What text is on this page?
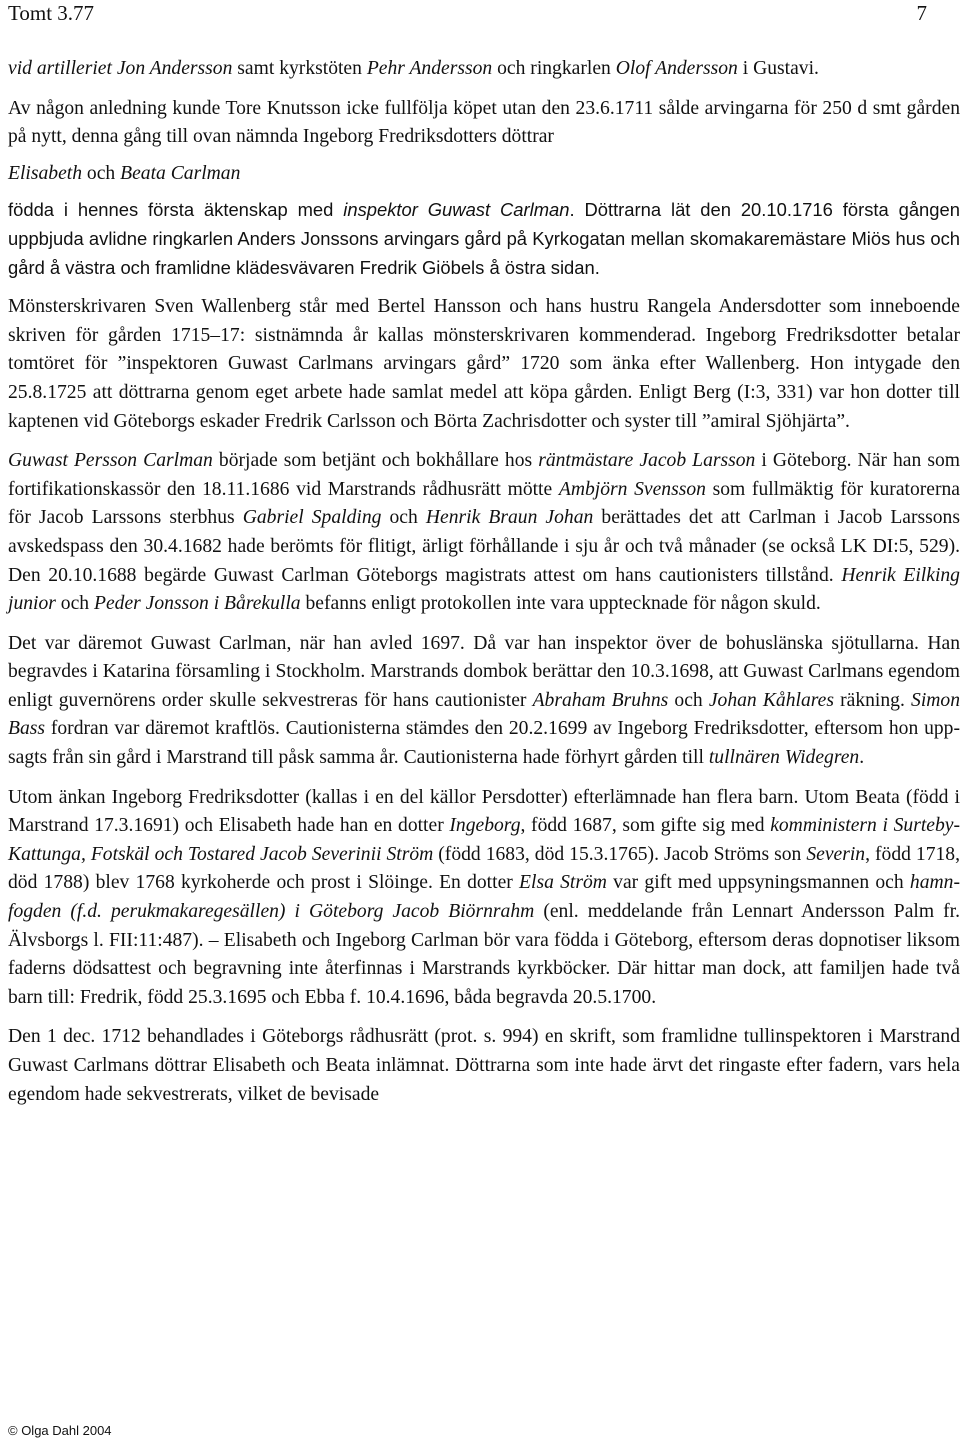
Tomt 3.77	7

vid artilleriet Jon Andersson samt kyrkstöten Pehr Andersson och ringkarlen Olof Andersson i Gustavi.

Av någon anledning kunde Tore Knutsson icke fullfölja köpet utan den 23.6.1711 sålde arvingarna för 250 d smt gården på nytt, denna gång till ovan nämnda Ingeborg Fredriksdotters döttrar

Elisabeth och Beata Carlman

födda i hennes första äktenskap med inspektor Guwast Carlman. Döttrarna lät den 20.10.1716 första gången uppbjuda avlidne ringkarlen Anders Jonssons arvingars gård på Kyrkogatan mellan skomakaremästare Miös hus och gård å västra och framlidne klädesvävaren Fredrik Giöbels å östra sidan.

Mönsterskrivaren Sven Wallenberg står med Bertel Hansson och hans hustru Rangela Andersdotter som inneboende skriven för gården 1715–17: sistnämnda år kallas mönsterskrivaren kommenderad. Ingeborg Fredriksdotter betalar tomtöret för ”inspektoren Guwast Carlmans arvingars gård” 1720 som änka efter Wallenberg. Hon intygade den 25.8.1725 att döttrarna genom eget arbete hade samlat medel att köpa gården. Enligt Berg (I:3, 331) var hon dotter till kaptenen vid Göteborgs eskader Fredrik Carlsson och Börta Zachrisdotter och syster till ”amiral Sjöhjärta”.

Guwast Persson Carlman började som betjänt och bokhållare hos räntmästare Jacob Larsson i Göteborg. När han som fortifikationskassör den 18.11.1686 vid Marstrands rådhusrätt mötte Ambjörn Svensson som fullmäktig för kuratorerna för Jacob Larssons sterbhus Gabriel Spalding och Henrik Braun Johan berättades det att Carlman i Jacob Larssons avskedspass den 30.4.1682 hade berömts för flitigt, ärligt förhållande i sju år och två månader (se också LK DI:5, 529). Den 20.10.1688 begärde Guwast Carlman Göteborgs magistrats attest om hans cautionisters tillstånd. Henrik Eilking junior och Peder Jonsson i Bårekulla befanns enligt protokollen inte vara upptecknade för någon skuld.

Det var däremot Guwast Carlman, när han avled 1697. Då var han inspektor över de bohuslänska sjötullarna. Han begravdes i Katarina församling i Stockholm. Marstrands dombok berättar den 10.3.1698, att Guwast Carlmans egendom enligt guvernörens order skulle sekvestreras för hans cautionister Abraham Bruhns och Johan Kåhlares räkning. Simon Bass fordran var däremot kraftlös. Cautionisterna stämdes den 20.2.1699 av Ingeborg Fredriksdotter, eftersom hon uppsagts från sin gård i Marstrand till påsk samma år. Cautionisterna hade förhyrt gården till tullnären Widegren.

Utom änkan Ingeborg Fredriksdotter (kallas i en del källor Persdotter) efterlämnade han flera barn. Utom Beata (född i Marstrand 17.3.1691) och Elisabeth hade han en dotter Ingeborg, född 1687, som gifte sig med komministern i Surteby-Kattunga, Fotskäl och Tostared Jacob Severinii Ström (född 1683, död 15.3.1765). Jacob Ströms son Severin, född 1718, död 1788) blev 1768 kyrkoherde och prost i Slöinge. En dotter Elsa Ström var gift med uppsyningsmannen och hamnfogden (f.d. perukmakaregesällen) i Göteborg Jacob Biörnrahm (enl. meddelande från Lennart Andersson Palm fr. Älvsborgs l. FII:11:487). – Elisabeth och Ingeborg Carlman bör vara födda i Göteborg, eftersom deras dopnotiser liksom faderns dödsattest och begravning inte återfinnas i Marstrands kyrkböcker. Där hittar man dock, att familjen hade två barn till: Fredrik, född 25.3.1695 och Ebba f. 10.4.1696, båda begravda 20.5.1700.

Den 1 dec. 1712 behandlades i Göteborgs rådhusrätt (prot. s. 994) en skrift, som framlidne tullinspektoren i Marstrand Guwast Carlmans döttrar Elisabeth och Beata inlämnat. Döttrarna som inte hade ärvt det ringaste efter fadern, vars hela egendom hade sekvestrerats, vilket de bevisade

© Olga Dahl 2004
